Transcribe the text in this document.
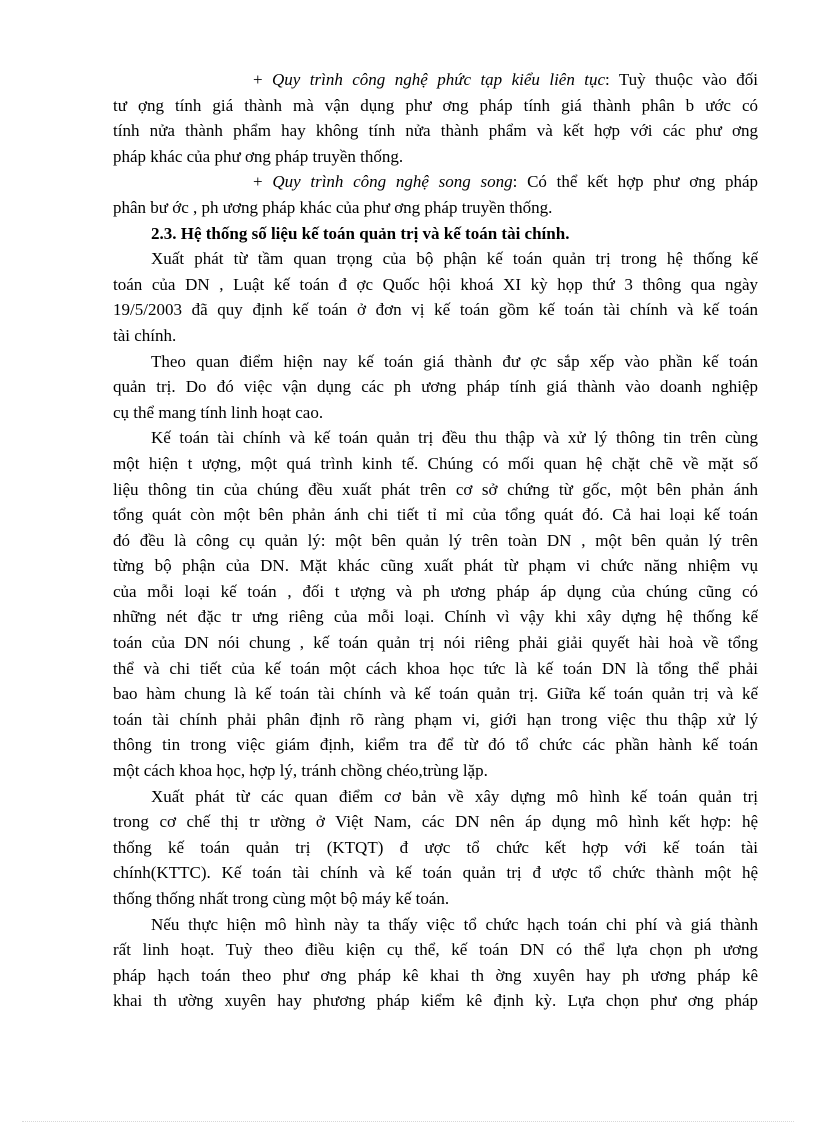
+ Quy trình công nghệ phức tạp kiểu liên tục: Tuỳ thuộc vào đối
tư ợng tính giá thành mà vận dụng phư ơng pháp tính giá thành phân b ước có
tính nửa thành phẩm hay không tính nửa thành phẩm và kết hợp với các phư ơng
pháp khác của phư ơng pháp truyền thống.
+ Quy trình công nghệ song song: Có thể kết hợp phư ơng pháp
phân bư ớc , ph ương pháp khác của phư ơng pháp truyền thống.
2.3. Hệ thống số liệu kế toán quản trị và kế toán tài chính.
Xuất phát từ tầm quan trọng của bộ phận kế toán quản trị trong hệ thống kế
toán của DN , Luật kế toán đ ợc Quốc hội khoá XI kỳ họp thứ 3 thông qua ngày
19/5/2003 đã quy định kế toán ở đơn vị kế toán gồm kế toán tài chính và kế toán
tài chính.
Theo quan điểm hiện nay kế toán giá thành đư ợc sắp xếp vào phần kế toán
quản trị. Do đó việc vận dụng các ph ương pháp tính giá thành vào doanh nghiệp
cụ thể mang tính linh hoạt cao.
Kế toán tài chính và kế toán quản trị đều thu thập và xử lý thông tin trên cùng
một hiện t ượng, một quá trình kinh tế. Chúng có mối quan hệ chặt chẽ về mặt số
liệu thông tin của chúng đều xuất phát trên cơ sở chứng từ gốc, một bên phản ánh
tổng quát còn một bên phản ánh chi tiết tỉ mỉ của tổng quát đó. Cả hai loại kế toán
đó đều là công cụ quản lý: một bên quản lý trên toàn DN , một bên quản lý trên
từng bộ phận của DN. Mặt khác cũng xuất phát từ phạm vi chức năng nhiệm vụ
của mỗi loại kế toán , đối t ượng và ph ương pháp áp dụng của chúng cũng có
những nét đặc tr ưng riêng của mỗi loại. Chính vì vậy khi xây dựng hệ thống kế
toán của DN nói chung , kế toán quản trị nói riêng phải giải quyết hài hoà về tổng
thể và chi tiết của kế toán một cách khoa học tức là kế toán DN là tổng thể phải
bao hàm chung là kế toán tài chính và kế toán quản trị. Giữa kế toán quản trị và kế
toán tài chính phải phân định rõ ràng phạm vi, giới hạn trong việc thu thập xử lý
thông tin trong việc giám định, kiểm tra để từ đó tổ chức các phần hành kế toán
một cách khoa học, hợp lý, tránh chồng chéo,trùng lặp.
Xuất phát từ các quan điểm cơ bản về xây dựng mô hình kế toán quản trị
trong cơ chế thị tr ường ở Việt Nam, các DN nên áp dụng mô hình kết hợp: hệ
thống kế toán quản trị (KTQT) đ ược tổ chức kết hợp với kế toán tài
chính(KTTC). Kế toán tài chính và kế toán quản trị đ ược tổ chức thành một hệ
thống thống nhất trong cùng một bộ máy kế toán.
Nếu thực hiện mô hình này ta thấy việc tổ chức hạch toán chi phí và giá thành
rất linh hoạt. Tuỳ theo điều kiện cụ thể, kế toán DN có thể lựa chọn ph ương
pháp hạch toán theo phư ơng pháp kê khai th ờng xuyên hay ph ương pháp kê
khai th ường xuyên hay phương pháp kiểm kê định kỳ. Lựa chọn phư ơng pháp
